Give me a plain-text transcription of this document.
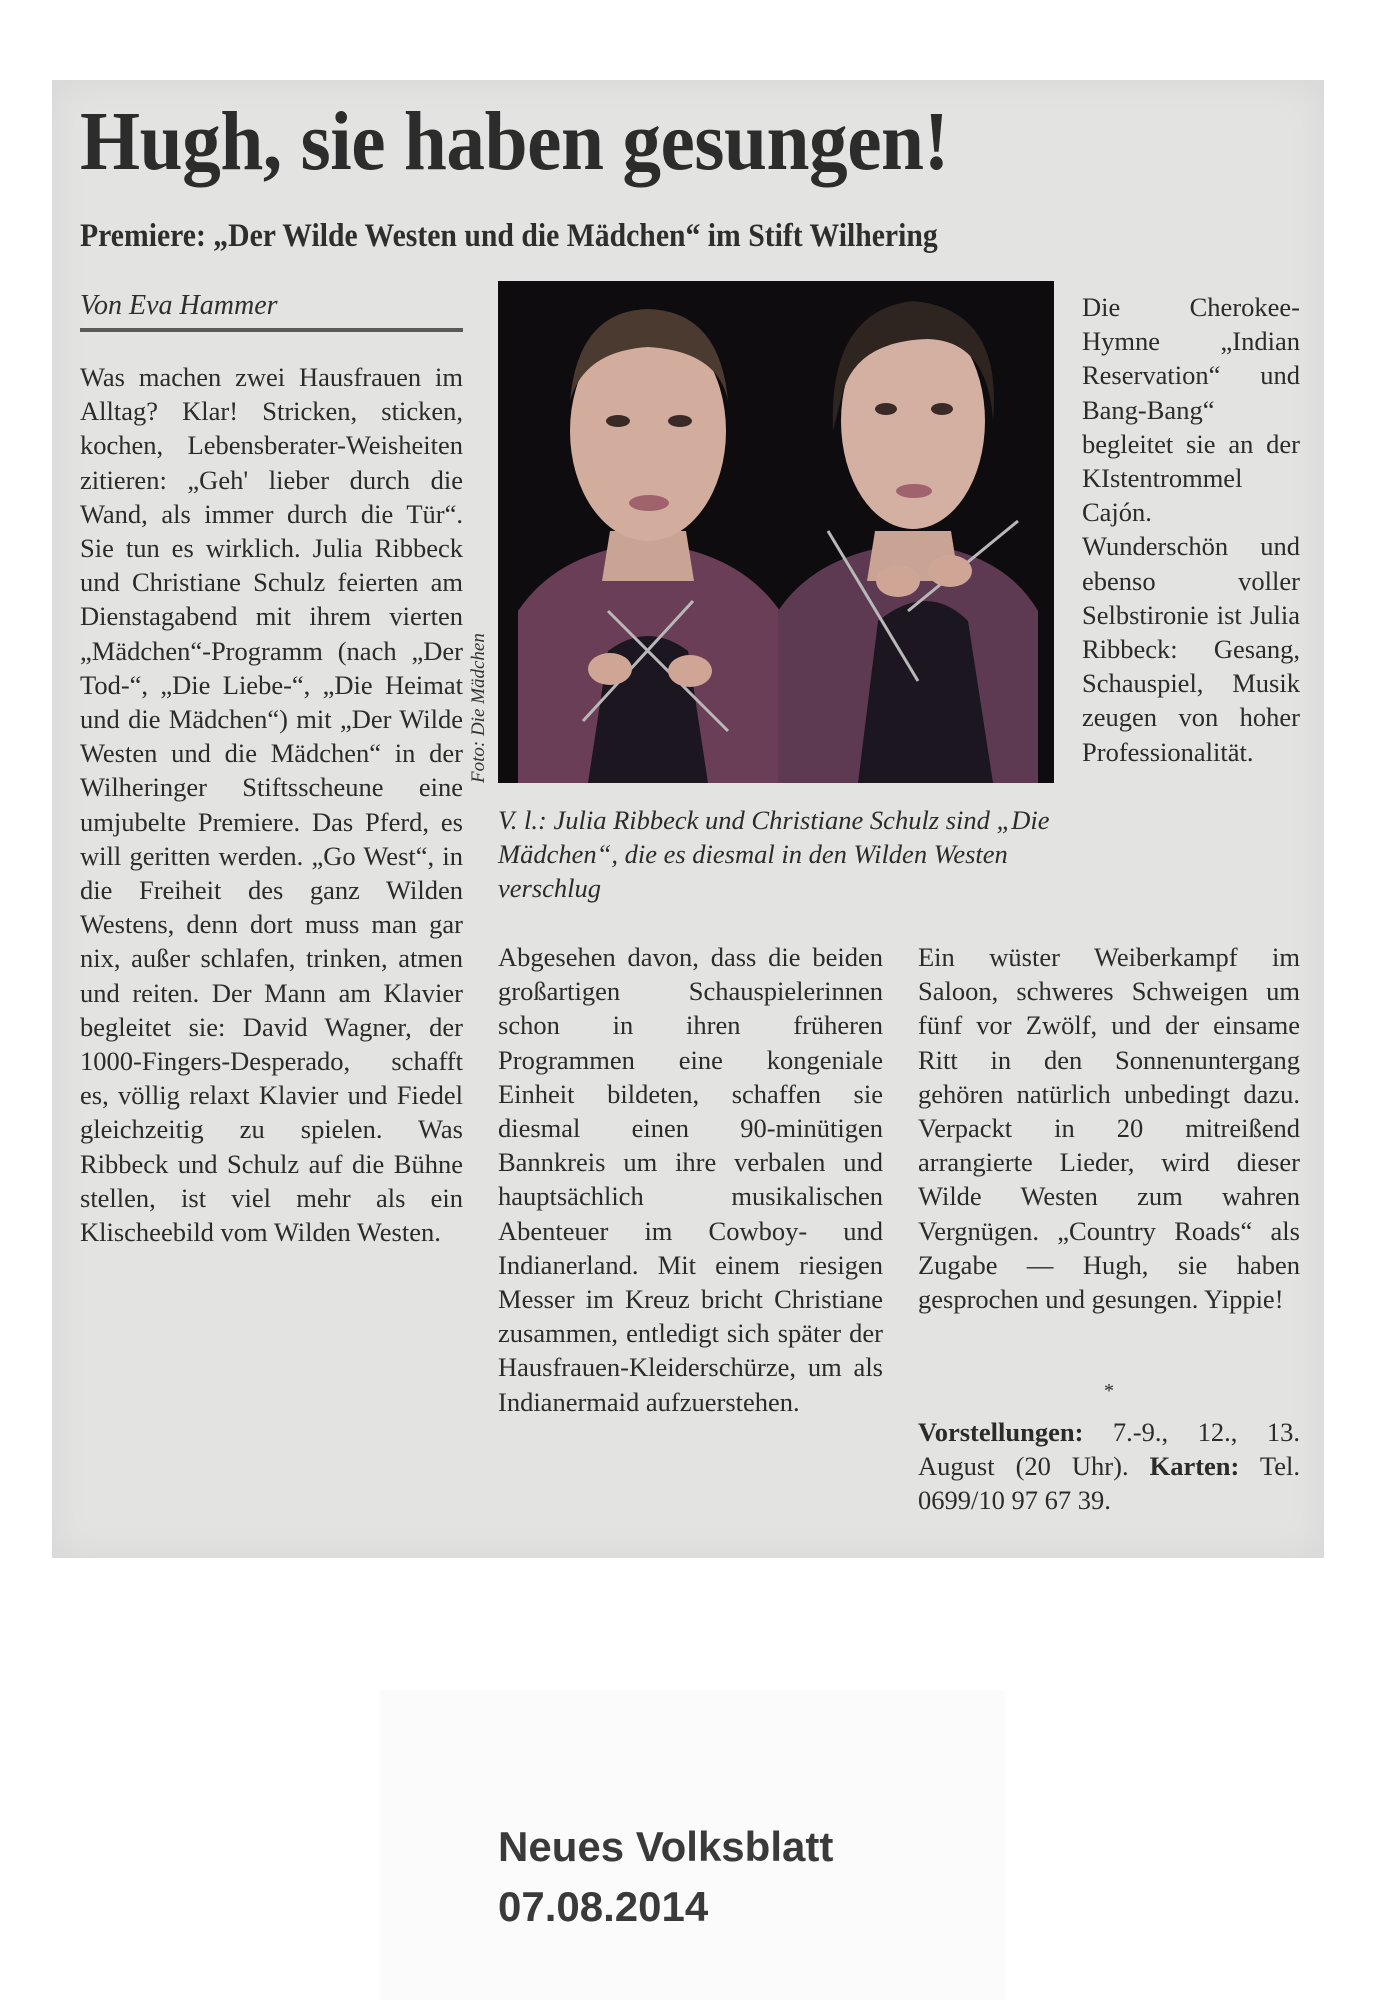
Hugh, sie haben gesungen!
Premiere: „Der Wilde Westen und die Mädchen“ im Stift Wilhering
Von Eva Hammer

Was machen zwei Hausfrauen im Alltag? Klar! Stricken, sticken, kochen, Lebensberater-Weisheiten zitieren: „Geh' lieber durch die Wand, als immer durch die Tür“. Sie tun es wirklich. Julia Ribbeck und Christiane Schulz feierten am Dienstagabend mit ihrem vierten „Mädchen“-Programm (nach „Der Tod-“, „Die Liebe-“, „Die Heimat und die Mädchen“) mit „Der Wilde Westen und die Mädchen“ in der Wilheringer Stiftsscheune eine umjubelte Premiere. Das Pferd, es will geritten werden. „Go West“, in die Freiheit des ganz Wilden Westens, denn dort muss man gar nix, außer schlafen, trinken, atmen und reiten. Der Mann am Klavier begleitet sie: David Wagner, der 1000-Fingers-Desperado, schafft es, völlig relaxt Klavier und Fiedel gleichzeitig zu spielen. Was Ribbeck und Schulz auf die Bühne stellen, ist viel mehr als ein Klischeebild vom Wilden Westen.

V. l.: Julia Ribbeck und Christiane Schulz sind „Die Mädchen“, die es diesmal in den Wilden Westen verschlug

Abgesehen davon, dass die beiden großartigen Schauspielerinnen schon in ihren früheren Programmen eine kongeniale Einheit bildeten, schaffen sie diesmal einen 90-minütigen Bannkreis um ihre verbalen und hauptsächlich musikalischen Abenteuer im Cowboy- und Indianerland. Mit einem riesigen Messer im Kreuz bricht Christiane zusammen, entledigt sich später der Hausfrauen-Kleiderschürze, um als Indianermaid aufzuerstehen.

Die Cherokee-Hymne „Indian Reservation“ und Bang-Bang“ begleitet sie an der KIstentrommel Cajón. Wunderschön und ebenso voller Selbstironie ist Julia Ribbeck: Gesang, Schauspiel, Musik zeugen von hoher Professionalität.

Ein wüster Weiberkampf im Saloon, schweres Schweigen um fünf vor Zwölf, und der einsame Ritt in den Sonnenuntergang gehören natürlich unbedingt dazu. Verpackt in 20 mitreißend arrangierte Lieder, wird dieser Wilde Westen zum wahren Vergnügen. „Country Roads“ als Zugabe — Hugh, sie haben gesprochen und gesungen. Yippie!

*

Vorstellungen: 7.-9., 12., 13. August (20 Uhr). Karten: Tel. 0699/10 97 67 39.

Neues Volksblatt
07.08.2014
